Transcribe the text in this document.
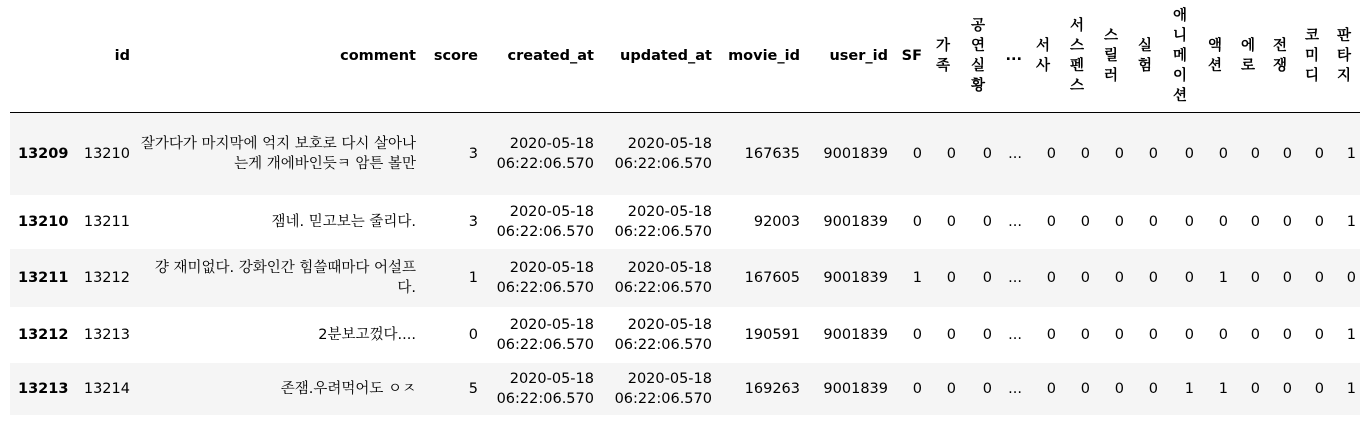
	id	comment	score	created_at	updated_at	movie_id	user_id	SF	가족	공연실황	...	서사	서스펜스	스릴러	실험	애니메이션	액션	에로	전쟁	코미디	판타지
13209	13210	잘가다가 마지막에 억지 보호로 다시 살아나는게 개에바인듯ㅋ 암튼 볼만	3	2020-05-18 06:22:06.570	2020-05-18 06:22:06.570	167635	9001839	0	0	0	...	0	0	0	0	0	0	0	0	0	1
13210	13211	잼네. 믿고보는 줄리다.	3	2020-05-18 06:22:06.570	2020-05-18 06:22:06.570	92003	9001839	0	0	0	...	0	0	0	0	0	0	0	0	0	1
13211	13212	걍 재미없다. 강화인간 힘쓸때마다 어설프다.	1	2020-05-18 06:22:06.570	2020-05-18 06:22:06.570	167605	9001839	1	0	0	...	0	0	0	0	0	1	0	0	0	0
13212	13213	2분보고껐다....	0	2020-05-18 06:22:06.570	2020-05-18 06:22:06.570	190591	9001839	0	0	0	...	0	0	0	0	0	0	0	0	0	1
13213	13214	존잼.우려먹어도 ㅇㅈ	5	2020-05-18 06:22:06.570	2020-05-18 06:22:06.570	169263	9001839	0	0	0	...	0	0	0	0	1	1	0	0	0	1
